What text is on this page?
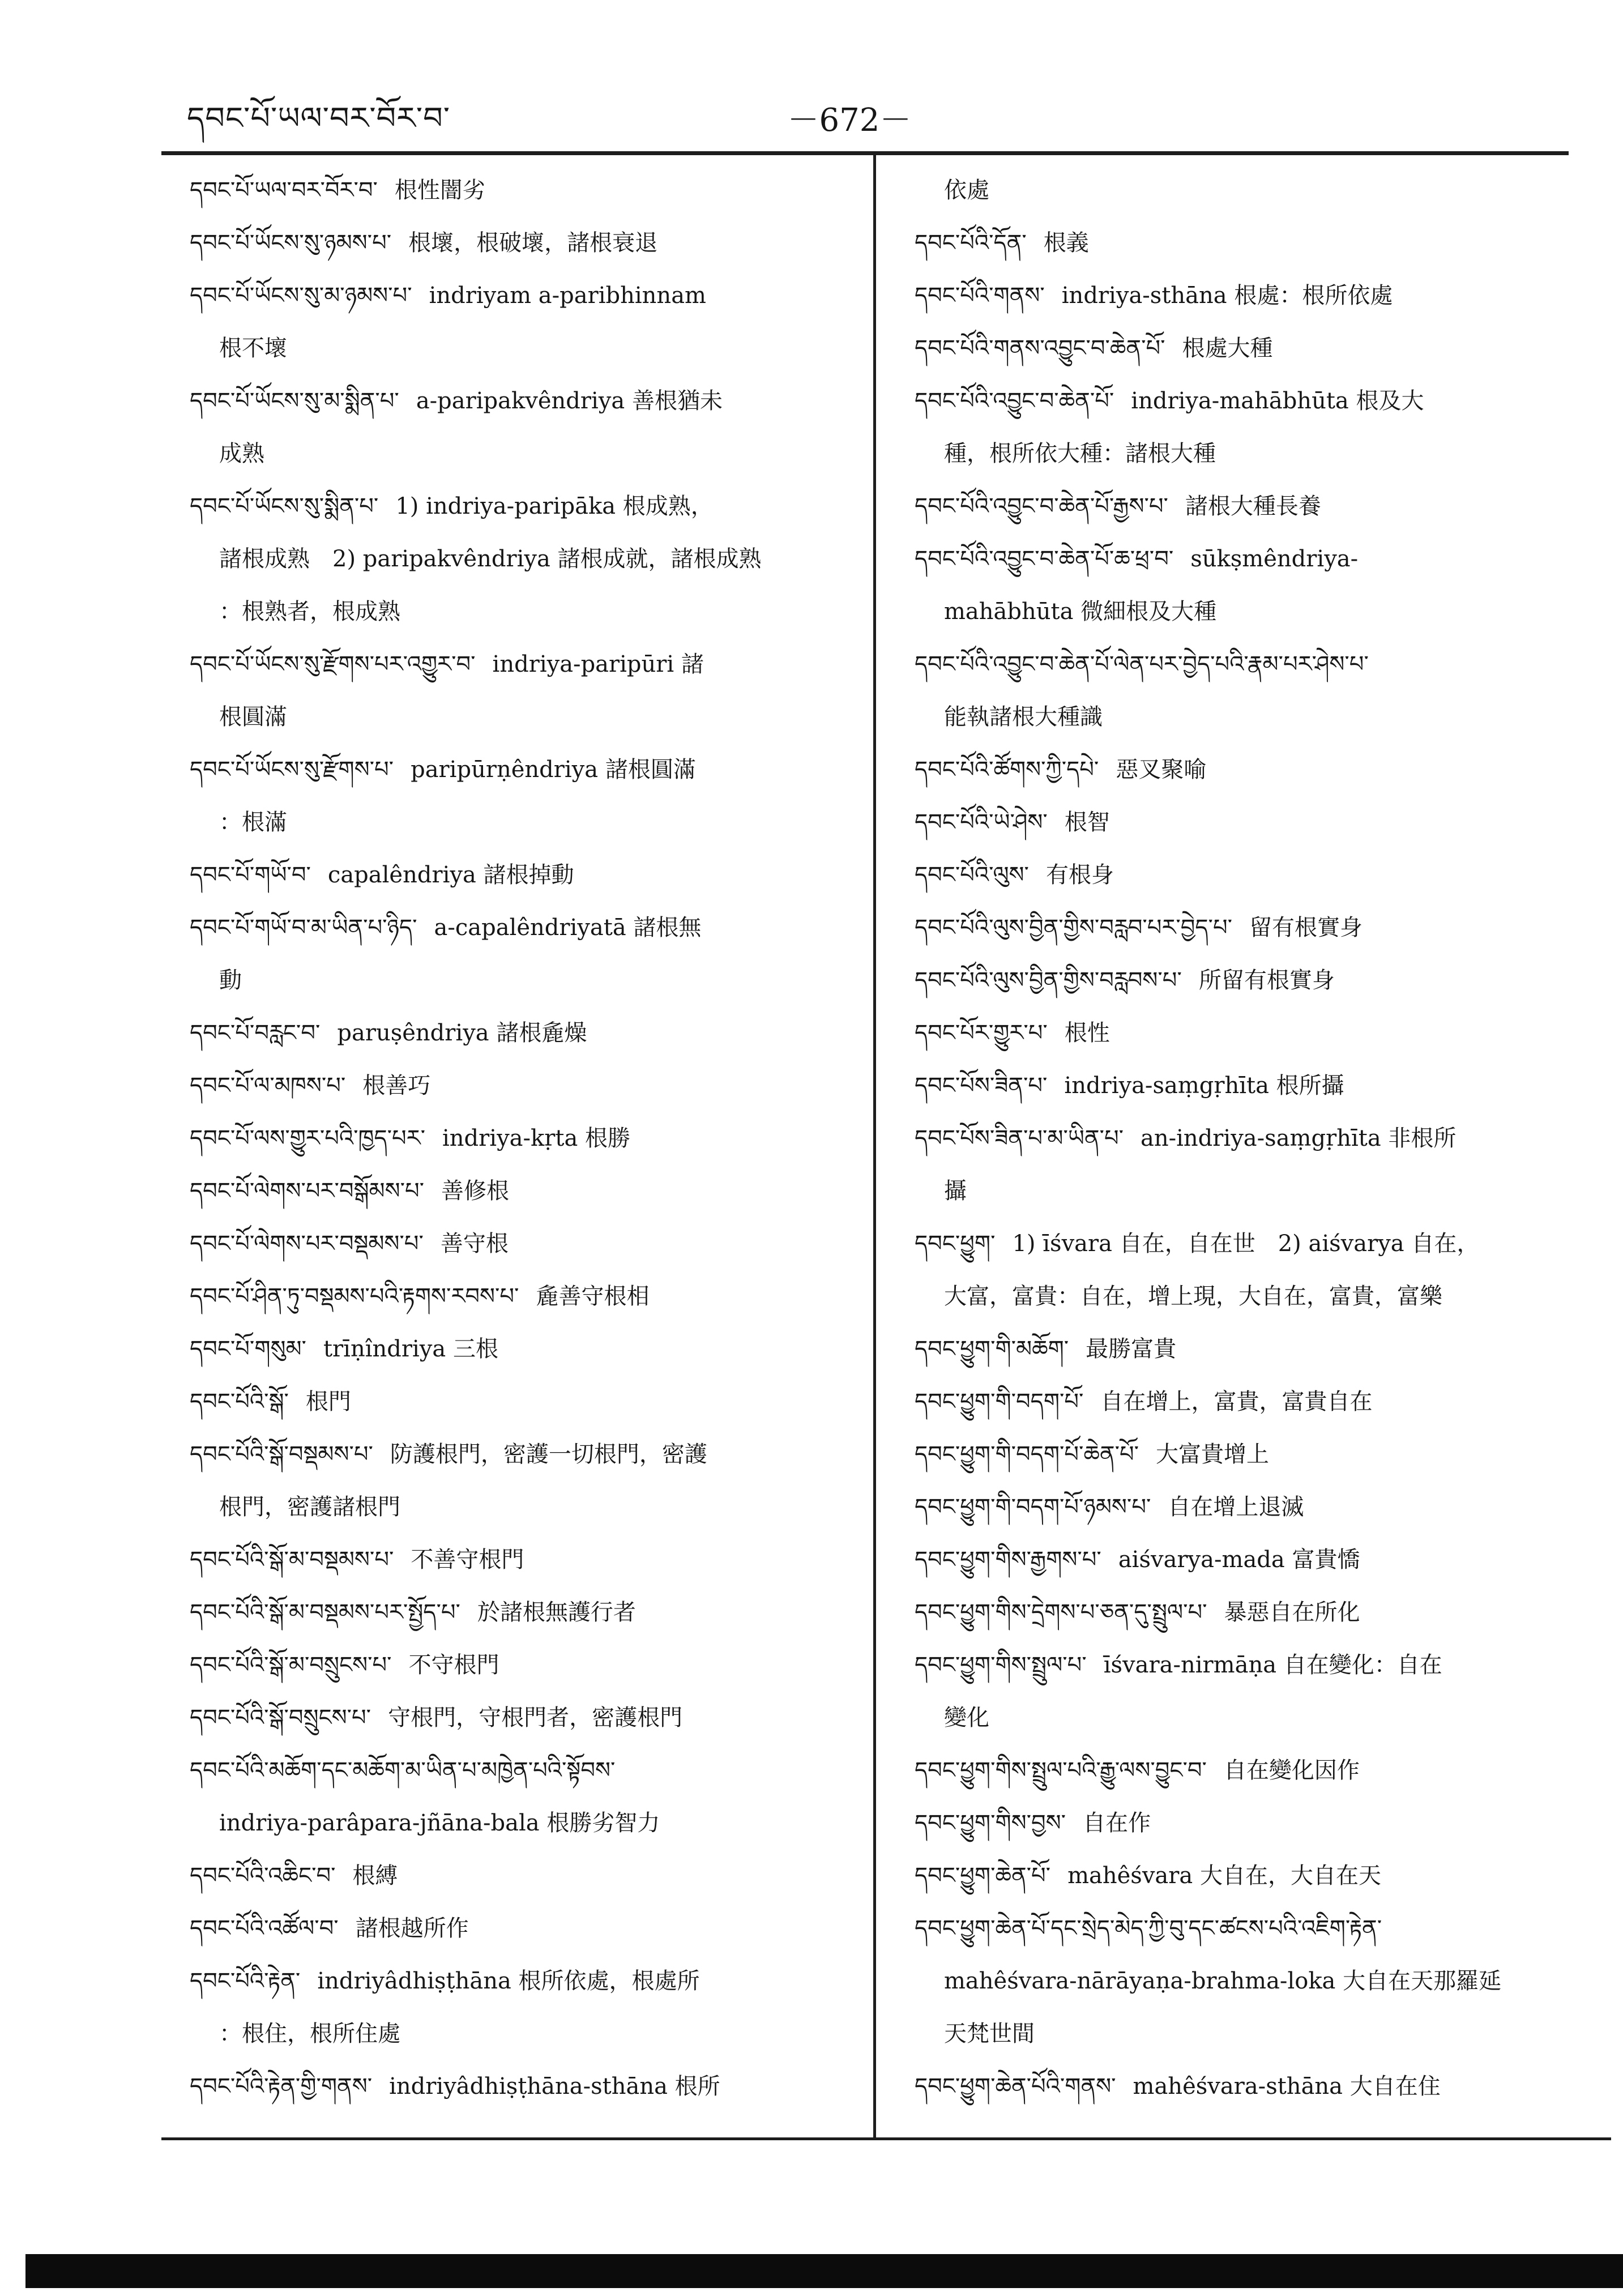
དབང་པོ་ཡལ་བར་བོར་བ་	－672－
དབང་པོ་ཡལ་བར་བོར་བ་ 根性闇劣
དབང་པོ་ཡོངས་སུ་ཉམས་པ་ 根壞，根破壞，諸根衰退
དབང་པོ་ཡོངས་སུ་མ་ཉམས་པ་ indriyam a-paribhinnam
根不壞
དབང་པོ་ཡོངས་སུ་མ་སྨིན་པ་ a-paripakvêndriya 善根猶未
成熟
དབང་པོ་ཡོངས་སུ་སྨིན་པ་ 1) indriya-paripāka 根成熟，
諸根成熟　2) paripakvêndriya 諸根成就，諸根成熟
：根熟者，根成熟
དབང་པོ་ཡོངས་སུ་རྫོགས་པར་འགྱུར་བ་ indriya-paripūri 諸
根圓滿
དབང་པོ་ཡོངས་སུ་རྫོགས་པ་ paripūrṇêndriya 諸根圓滿
：根滿
དབང་པོ་གཡོ་བ་ capalêndriya 諸根掉動
དབང་པོ་གཡོ་བ་མ་ཡིན་པ་ཉིད་ a-capalêndriyatā 諸根無
動
དབང་པོ་བརླང་བ་ paruṣêndriya 諸根麁燥
དབང་པོ་ལ་མཁས་པ་ 根善巧
དབང་པོ་ལས་གྱུར་པའི་ཁྱད་པར་ indriya-kṛta 根勝
དབང་པོ་ལེགས་པར་བསྒོམས་པ་ 善修根
དབང་པོ་ལེགས་པར་བསྡམས་པ་ 善守根
དབང་པོ་ཤིན་ཏུ་བསྡམས་པའི་རྟགས་རབས་པ་ 麁善守根相
དབང་པོ་གསུམ་ trīṇîndriya 三根
དབང་པོའི་སྒོ་ 根門
དབང་པོའི་སྒོ་བསྡམས་པ་ 防護根門，密護一切根門，密護
根門，密護諸根門
དབང་པོའི་སྒོ་མ་བསྡམས་པ་ 不善守根門
དབང་པོའི་སྒོ་མ་བསྡམས་པར་སྤྱོད་པ་ 於諸根無護行者
དབང་པོའི་སྒོ་མ་བསྲུངས་པ་ 不守根門
དབང་པོའི་སྒོ་བསྲུངས་པ་ 守根門，守根門者，密護根門
དབང་པོའི་མཆོག་དང་མཆོག་མ་ཡིན་པ་མཁྱེན་པའི་སྟོབས་
indriya-parâpara-jñāna-bala 根勝劣智力
དབང་པོའི་འཆིང་བ་ 根縛
དབང་པོའི་འཚོལ་བ་ 諸根越所作
དབང་པོའི་རྟེན་ indriyâdhiṣṭhāna 根所依處，根處所
：根住，根所住處
དབང་པོའི་རྟེན་གྱི་གནས་ indriyâdhiṣṭhāna-sthāna 根所
依處
དབང་པོའི་དོན་ 根義
དབང་པོའི་གནས་ indriya-sthāna 根處：根所依處
དབང་པོའི་གནས་འབྱུང་བ་ཆེན་པོ་ 根處大種
དབང་པོའི་འབྱུང་བ་ཆེན་པོ་ indriya-mahābhūta 根及大
種，根所依大種：諸根大種
དབང་པོའི་འབྱུང་བ་ཆེན་པོ་རྒྱས་པ་ 諸根大種長養
དབང་པོའི་འབྱུང་བ་ཆེན་པོ་ཆ་ཕྲ་བ་ sūkṣmêndriya-
mahābhūta 微細根及大種
དབང་པོའི་འབྱུང་བ་ཆེན་པོ་ལེན་པར་བྱེད་པའི་རྣམ་པར་ཤེས་པ་
能執諸根大種識
དབང་པོའི་ཚོགས་ཀྱི་དཔེ་ 惡叉聚喻
དབང་པོའི་ཡེ་ཤེས་ 根智
དབང་པོའི་ལུས་ 有根身
དབང་པོའི་ལུས་བྱིན་གྱིས་བརླབ་པར་བྱེད་པ་ 留有根實身
དབང་པོའི་ལུས་བྱིན་གྱིས་བརླབས་པ་ 所留有根實身
དབང་པོར་གྱུར་པ་ 根性
དབང་པོས་ཟིན་པ་ indriya-saṃgṛhīta 根所攝
དབང་པོས་ཟིན་པ་མ་ཡིན་པ་ an-indriya-saṃgṛhīta 非根所
攝
དབང་ཕྱུག་ 1) īśvara 自在，自在世　2) aiśvarya 自在，
大富，富貴：自在，增上現，大自在，富貴，富樂
དབང་ཕྱུག་གི་མཆོག་ 最勝富貴
དབང་ཕྱུག་གི་བདག་པོ་ 自在增上，富貴，富貴自在
དབང་ཕྱུག་གི་བདག་པོ་ཆེན་པོ་ 大富貴增上
དབང་ཕྱུག་གི་བདག་པོ་ཉམས་པ་ 自在增上退滅
དབང་ཕྱུག་གིས་རྒྱགས་པ་ aiśvarya-mada 富貴憍
དབང་ཕྱུག་གིས་དྲེགས་པ་ཅན་དུ་སྤྲུལ་པ་ 暴惡自在所化
དབང་ཕྱུག་གིས་སྤྲུལ་པ་ īśvara-nirmāṇa 自在變化：自在
變化
དབང་ཕྱུག་གིས་སྤྲུལ་པའི་རྒྱུ་ལས་བྱུང་བ་ 自在變化因作
དབང་ཕྱུག་གིས་བྱས་ 自在作
དབང་ཕྱུག་ཆེན་པོ་ mahêśvara 大自在，大自在天
དབང་ཕྱུག་ཆེན་པོ་དང་སྲེད་མེད་ཀྱི་བུ་དང་ཚངས་པའི་འཇིག་རྟེན་
mahêśvara-nārāyaṇa-brahma-loka 大自在天那羅延
天梵世間
དབང་ཕྱུག་ཆེན་པོའི་གནས་ mahêśvara-sthāna 大自在住
